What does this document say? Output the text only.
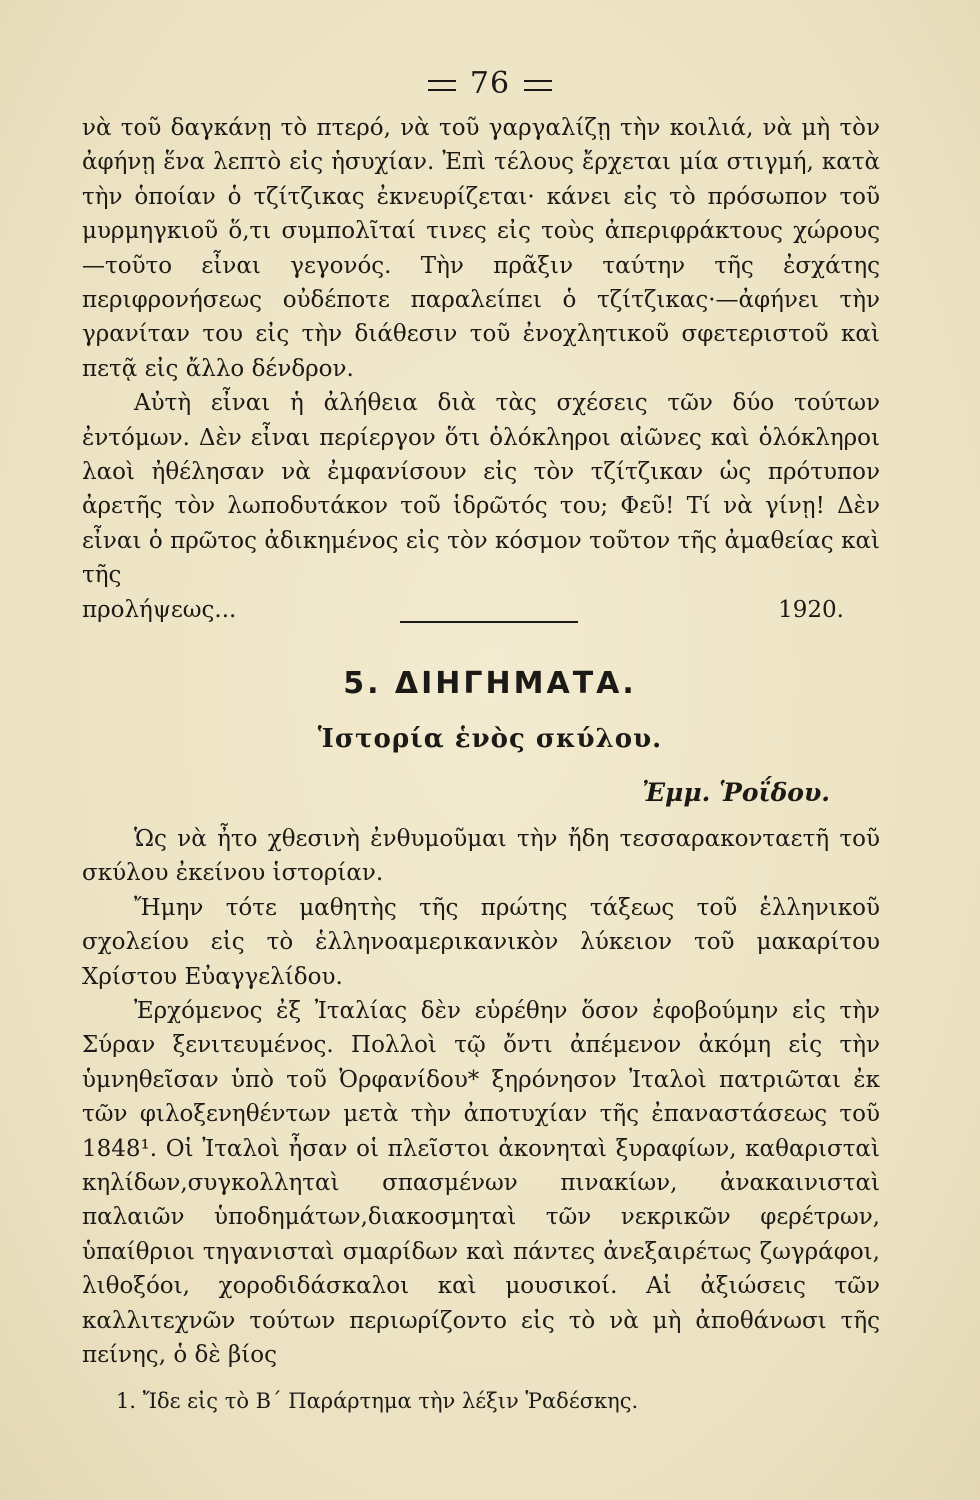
76

νὰ τοῦ δαγκάνῃ τὸ πτερό, νὰ τοῦ γαργαλίζῃ τὴν κοιλιά, νὰ μὴ τὸν ἀφήνῃ ἕνα λεπτὸ εἰς ἡσυχίαν. Ἐπὶ τέλους ἔρχεται μία στιγμή, κατὰ τὴν ὁποίαν ὁ τζίτζικας ἐκνευρίζεται· κάνει εἰς τὸ πρόσωπον τοῦ μυρμηγκιοῦ ὅ,τι συμπολῖταί τινες εἰς τοὺς ἀπεριφράκτους χώρους—τοῦτο εἶναι γεγονός. Τὴν πρᾶξιν ταύτην τῆς ἐσχάτης περιφρονήσεως οὐδέποτε παραλείπει ὁ τζίτζικας·—ἀφήνει τὴν γρανίταν του εἰς τὴν διάθεσιν τοῦ ἐνοχλητικοῦ σφετεριστοῦ καὶ πετᾷ εἰς ἄλλο δένδρον.

Αὐτὴ εἶναι ἡ ἀλήθεια διὰ τὰς σχέσεις τῶν δύο τούτων ἐντόμων. Δὲν εἶναι περίεργον ὅτι ὁλόκληροι αἰῶνες καὶ ὁλόκληροι λαοὶ ἠθέλησαν νὰ ἐμφανίσουν εἰς τὸν τζίτζικαν ὡς πρότυπον ἀρετῆς τὸν λωποδυτάκον τοῦ ἱδρῶτός του; Φεῦ! Τί νὰ γίνῃ! Δὲν εἶναι ὁ πρῶτος ἀδικημένος εἰς τὸν κόσμον τοῦτον τῆς ἀμαθείας καὶ τῆς

προλήψεως...	1920.
5. ΔΙΗΓΗΜΑΤΑ.
Ἱστορία ἑνὸς σκύλου.
Ἐμμ. Ῥοΐδου.

Ὡς νὰ ἦτο χθεσινὴ ἐνθυμοῦμαι τὴν ἤδη τεσσαρακονταετῆ τοῦ σκύλου ἐκείνου ἱστορίαν.

Ἤμην τότε μαθητὴς τῆς πρώτης τάξεως τοῦ ἑλληνικοῦ σχολείου εἰς τὸ ἑλληνοαμερικανικὸν λύκειον τοῦ μακαρίτου Χρίστου Εὐαγγελίδου.

Ἐρχόμενος ἐξ Ἰταλίας δὲν εὑρέθην ὅσον ἐφοβούμην εἰς τὴν Σύραν ξενιτευμένος. Πολλοὶ τῷ ὄντι ἀπέμενον ἀκόμη εἰς τὴν ὑμνηθεῖσαν ὑπὸ τοῦ Ὀρφανίδου* ξηρόνησον Ἰταλοὶ πατριῶται ἐκ τῶν φιλοξενηθέντων μετὰ τὴν ἀποτυχίαν τῆς ἐπαναστάσεως τοῦ 1848¹. Οἱ Ἰταλοὶ ἦσαν οἱ πλεῖστοι ἀκονηταὶ ξυραφίων, καθαρισταὶ κηλίδων,συγκολληταὶ σπασμένων πινακίων, ἀνακαινισταὶ παλαιῶν ὑποδημάτων,διακοσμηταὶ τῶν νεκρικῶν φερέτρων, ὑπαίθριοι τηγανισταὶ σμαρίδων καὶ πάντες ἀνεξαιρέτως ζωγράφοι, λιθοξόοι, χοροδιδάσκαλοι καὶ μουσικοί. Αἱ ἀξιώσεις τῶν καλλιτεχνῶν τούτων περιωρίζοντο εἰς τὸ νὰ μὴ ἀποθάνωσι τῆς πείνης, ὁ δὲ βίος

1. Ἴδε εἰς τὸ Β΄ Παράρτημα τὴν λέξιν Ῥαδέσκης.
